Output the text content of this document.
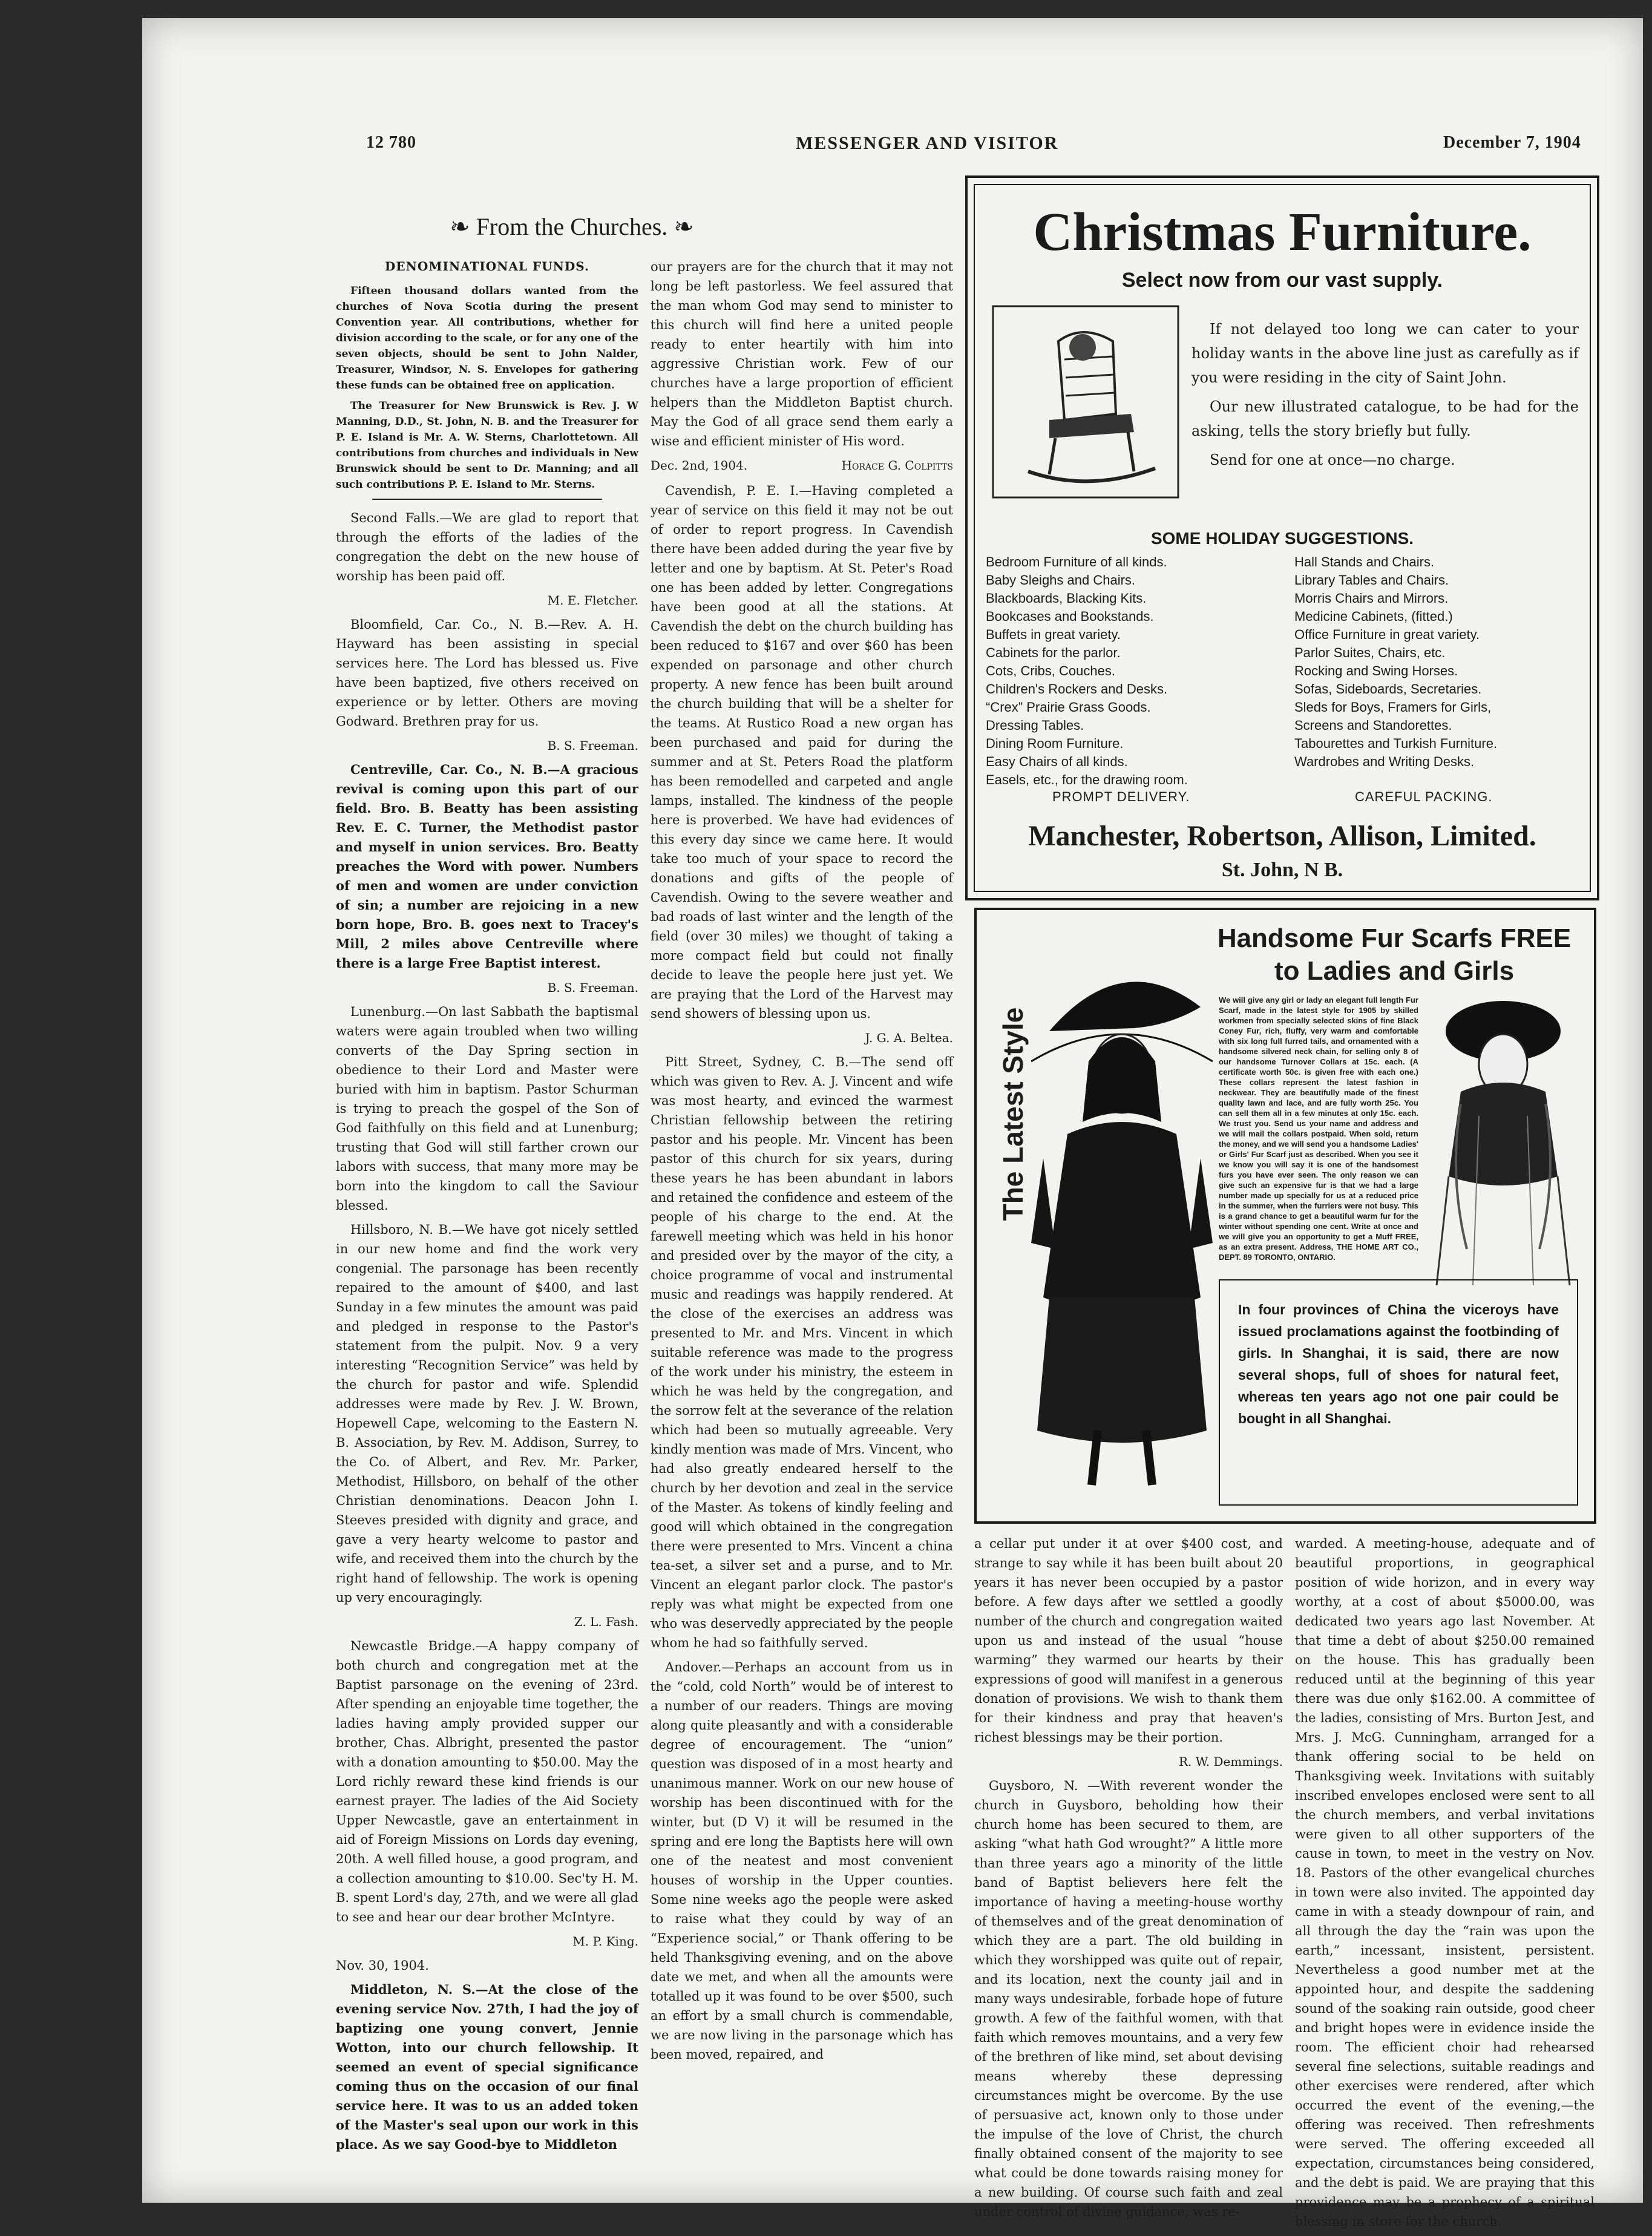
12 780	MESSENGER AND VISITOR	December 7, 1904
❧ From the Churches. ❧
DENOMINATIONAL FUNDS.

Fifteen thousand dollars wanted from the churches of Nova Scotia during the present Convention year. All contributions, whether for division according to the scale, or for any one of the seven objects, should be sent to John Nalder, Treasurer, Windsor, N. S. Envelopes for gathering these funds can be obtained free on application.

The Treasurer for New Brunswick is Rev. J. W Manning, D.D., St. John, N. B. and the Treasurer for P. E. Island is Mr. A. W. Sterns, Charlottetown. All contributions from churches and individuals in New Brunswick should be sent to Dr. Manning; and all such contributions P. E. Island to Mr. Sterns.

Second Falls.—We are glad to report that through the efforts of the ladies of the congregation the debt on the new house of worship has been paid off.

M. E. Fletcher.

Bloomfield, Car. Co., N. B.—Rev. A. H. Hayward has been assisting in special services here. The Lord has blessed us. Five have been baptized, five others received on experience or by letter. Others are moving Godward. Brethren pray for us.

B. S. Freeman.

Centreville, Car. Co., N. B.—A gracious revival is coming upon this part of our field. Bro. B. Beatty has been assisting Rev. E. C. Turner, the Methodist pastor and myself in union services. Bro. Beatty preaches the Word with power. Numbers of men and women are under conviction of sin; a number are rejoicing in a new born hope, Bro. B. goes next to Tracey's Mill, 2 miles above Centreville where there is a large Free Baptist interest.

B. S. Freeman.

Lunenburg.—On last Sabbath the baptismal waters were again troubled when two willing converts of the Day Spring section in obedience to their Lord and Master were buried with him in baptism. Pastor Schurman is trying to preach the gospel of the Son of God faithfully on this field and at Lunenburg; trusting that God will still farther crown our labors with success, that many more may be born into the kingdom to call the Saviour blessed.

Hillsboro, N. B.—We have got nicely settled in our new home and find the work very congenial. The parsonage has been recently repaired to the amount of $400, and last Sunday in a few minutes the amount was paid and pledged in response to the Pastor's statement from the pulpit. Nov. 9 a very interesting “Recognition Service” was held by the church for pastor and wife. Splendid addresses were made by Rev. J. W. Brown, Hopewell Cape, welcoming to the Eastern N. B. Association, by Rev. M. Addison, Surrey, to the Co. of Albert, and Rev. Mr. Parker, Methodist, Hillsboro, on behalf of the other Christian denominations. Deacon John I. Steeves presided with dignity and grace, and gave a very hearty welcome to pastor and wife, and received them into the church by the right hand of fellowship. The work is opening up very encouragingly.

Z. L. Fash.

Newcastle Bridge.—A happy company of both church and congregation met at the Baptist parsonage on the evening of 23rd. After spending an enjoyable time together, the ladies having amply provided supper our brother, Chas. Albright, presented the pastor with a donation amounting to $50.00. May the Lord richly reward these kind friends is our earnest prayer. The ladies of the Aid Society Upper Newcastle, gave an entertainment in aid of Foreign Missions on Lords day evening, 20th. A well filled house, a good program, and a collection amounting to $10.00. Sec'ty H. M. B. spent Lord's day, 27th, and we were all glad to see and hear our dear brother McIntyre.

M. P. King.

Nov. 30, 1904.

Middleton, N. S.—At the close of the evening service Nov. 27th, I had the joy of baptizing one young convert, Jennie Wotton, into our church fellowship. It seemed an event of special significance coming thus on the occasion of our final service here. It was to us an added token of the Master's seal upon our work in this place. As we say Good-bye to Middleton

our prayers are for the church that it may not long be left pastorless. We feel assured that the man whom God may send to minister to this church will find here a united people ready to enter heartily with him into aggressive Christian work. Few of our churches have a large proportion of efficient helpers than the Middleton Baptist church. May the God of all grace send them early a wise and efficient minister of His word.

Dec. 2nd, 1904.	Horace G. Colpitts

Cavendish, P. E. I.—Having completed a year of service on this field it may not be out of order to report progress. In Cavendish there have been added during the year five by letter and one by baptism. At St. Peter's Road one has been added by letter. Congregations have been good at all the stations. At Cavendish the debt on the church building has been reduced to $167 and over $60 has been expended on parsonage and other church property. A new fence has been built around the church building that will be a shelter for the teams. At Rustico Road a new organ has been purchased and paid for during the summer and at St. Peters Road the platform has been remodelled and carpeted and angle lamps, installed. The kindness of the people here is proverbed. We have had evidences of this every day since we came here. It would take too much of your space to record the donations and gifts of the people of Cavendish. Owing to the severe weather and bad roads of last winter and the length of the field (over 30 miles) we thought of taking a more compact field but could not finally decide to leave the people here just yet. We are praying that the Lord of the Harvest may send showers of blessing upon us.

J. G. A. Beltea.

Pitt Street, Sydney, C. B.—The send off which was given to Rev. A. J. Vincent and wife was most hearty, and evinced the warmest Christian fellowship between the retiring pastor and his people. Mr. Vincent has been pastor of this church for six years, during these years he has been abundant in labors and retained the confidence and esteem of the people of his charge to the end. At the farewell meeting which was held in his honor and presided over by the mayor of the city, a choice programme of vocal and instrumental music and readings was happily rendered. At the close of the exercises an address was presented to Mr. and Mrs. Vincent in which suitable reference was made to the progress of the work under his ministry, the esteem in which he was held by the congregation, and the sorrow felt at the severance of the relation which had been so mutually agreeable. Very kindly mention was made of Mrs. Vincent, who had also greatly endeared herself to the church by her devotion and zeal in the service of the Master. As tokens of kindly feeling and good will which obtained in the congregation there were presented to Mrs. Vincent a china tea-set, a silver set and a purse, and to Mr. Vincent an elegant parlor clock. The pastor's reply was what might be expected from one who was deservedly appreciated by the people whom he had so faithfully served.

Andover.—Perhaps an account from us in the “cold, cold North” would be of interest to a number of our readers. Things are moving along quite pleasantly and with a considerable degree of encouragement. The “union” question was disposed of in a most hearty and unanimous manner. Work on our new house of worship has been discontinued with for the winter, but (D V) it will be resumed in the spring and ere long the Baptists here will own one of the neatest and most convenient houses of worship in the Upper counties. Some nine weeks ago the people were asked to raise what they could by way of an “Experience social,” or Thank offering to be held Thanksgiving evening, and on the above date we met, and when all the amounts were totalled up it was found to be over $500, such an effort by a small church is commendable, we are now living in the parsonage which has been moved, repaired, and

Christmas Furniture.
Select now from our vast supply.

If not delayed too long we can cater to your holiday wants in the above line just as carefully as if you were residing in the city of Saint John.

Our new illustrated catalogue, to be had for the asking, tells the story briefly but fully.

Send for one at once—no charge.

SOME HOLIDAY SUGGESTIONS.
Bedroom Furniture of all kinds.
Baby Sleighs and Chairs.
Blackboards, Blacking Kits.
Bookcases and Bookstands.
Buffets in great variety.
Cabinets for the parlor.
Cots, Cribs, Couches.
Children's Rockers and Desks.
“Crex” Prairie Grass Goods.
Dressing Tables.
Dining Room Furniture.
Easy Chairs of all kinds.
Easels, etc., for the drawing room.
Hall Stands and Chairs.
Library Tables and Chairs.
Morris Chairs and Mirrors.
Medicine Cabinets, (fitted.)
Office Furniture in great variety.
Parlor Suites, Chairs, etc.
Rocking and Swing Horses.
Sofas, Sideboards, Secretaries.
Sleds for Boys, Framers for Girls,
Screens and Standorettes.
Tabourettes and Turkish Furniture.
Wardrobes and Writing Desks.
PROMPT DELIVERY.	CAREFUL PACKING.
Manchester, Robertson, Allison, Limited.
St. John, N B.
The Latest Style
Handsome Fur Scarfs FREE
to Ladies and Girls
We will give any girl or lady an elegant full length Fur Scarf, made in the latest style for 1905 by skilled workmen from specially selected skins of fine Black Coney Fur, rich, fluffy, very warm and comfortable with six long full furred tails, and ornamented with a handsome silvered neck chain, for selling only 8 of our handsome Turnover Collars at 15c. each. (A certificate worth 50c. is given free with each one.) These collars represent the latest fashion in neckwear. They are beautifully made of the finest quality lawn and lace, and are fully worth 25c. You can sell them all in a few minutes at only 15c. each. We trust you. Send us your name and address and we will mail the collars postpaid. When sold, return the money, and we will send you a handsome Ladies' or Girls' Fur Scarf just as described. When you see it we know you will say it is one of the handsomest furs you have ever seen. The only reason we can give such an expensive fur is that we had a large number made up specially for us at a reduced price in the summer, when the furriers were not busy. This is a grand chance to get a beautiful warm fur for the winter without spending one cent. Write at once and we will give you an opportunity to get a Muff FREE, as an extra present. Address, THE HOME ART CO., DEPT. 89 TORONTO, ONTARIO.
In four provinces of China the viceroys have issued proclamations against the footbinding of girls. In Shanghai, it is said, there are now several shops, full of shoes for natural feet, whereas ten years ago not one pair could be bought in all Shanghai.

a cellar put under it at over $400 cost, and strange to say while it has been built about 20 years it has never been occupied by a pastor before. A few days after we settled a goodly number of the church and congregation waited upon us and instead of the usual “house warming” they warmed our hearts by their expressions of good will manifest in a generous donation of provisions. We wish to thank them for their kindness and pray that heaven's richest blessings may be their portion.

R. W. Demmings.

Guysboro, N. —With reverent wonder the church in Guysboro, beholding how their church home has been secured to them, are asking “what hath God wrought?” A little more than three years ago a minority of the little band of Baptist believers here felt the importance of having a meeting-house worthy of themselves and of the great denomination of which they are a part. The old building in which they worshipped was quite out of repair, and its location, next the county jail and in many ways undesirable, forbade hope of future growth. A few of the faithful women, with that faith which removes mountains, and a very few of the brethren of like mind, set about devising means whereby these depressing circumstances might be overcome. By the use of persuasive act, known only to those under the impulse of the love of Christ, the church finally obtained consent of the majority to see what could be done towards raising money for a new building. Of course such faith and zeal under control of divine guidance, was re-

warded. A meeting-house, adequate and of beautiful proportions, in geographical position of wide horizon, and in every way worthy, at a cost of about $5000.00, was dedicated two years ago last November. At that time a debt of about $250.00 remained on the house. This has gradually been reduced until at the beginning of this year there was due only $162.00. A committee of the ladies, consisting of Mrs. Burton Jest, and Mrs. J. McG. Cunningham, arranged for a thank offering social to be held on Thanksgiving week. Invitations with suitably inscribed envelopes enclosed were sent to all the church members, and verbal invitations were given to all other supporters of the cause in town, to meet in the vestry on Nov. 18. Pastors of the other evangelical churches in town were also invited. The appointed day came in with a steady downpour of rain, and all through the day the “rain was upon the earth,” incessant, insistent, persistent. Nevertheless a good number met at the appointed hour, and despite the saddening sound of the soaking rain outside, good cheer and bright hopes were in evidence inside the room. The efficient choir had rehearsed several fine selections, suitable readings and other exercises were rendered, after which occurred the event of the evening,—the offering was received. Then refreshments were served. The offering exceeded all expectation, circumstances being considered, and the debt is paid. We are praying that this providence may be a prophecy of a spiritual blessing in store for the church.
